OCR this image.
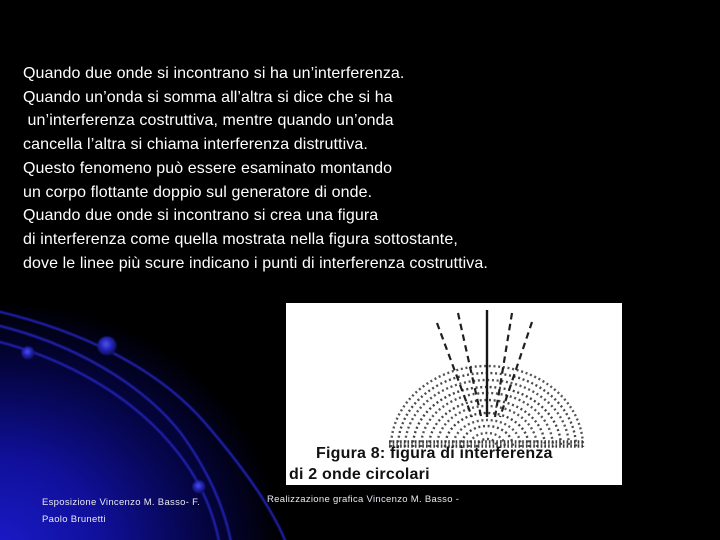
Quando due onde si incontrano si ha un’interferenza.
Quando un’onda si somma all’altra si dice che si ha
un’interferenza costruttiva, mentre quando un’onda
cancella l’altra si chiama interferenza distruttiva.
Questo fenomeno può essere esaminato montando
un corpo flottante doppio sul generatore di onde.
Quando due onde si incontrano si crea una figura
di interferenza come quella mostrata nella figura sottostante,
dove le linee più scure indicano i punti di interferenza costruttiva.
Figura 8: figura di interferenza
di 2 onde circolari
Esposizione Vincenzo M. Basso- F.
Paolo Brunetti
Realizzazione grafica Vincenzo M. Basso -
